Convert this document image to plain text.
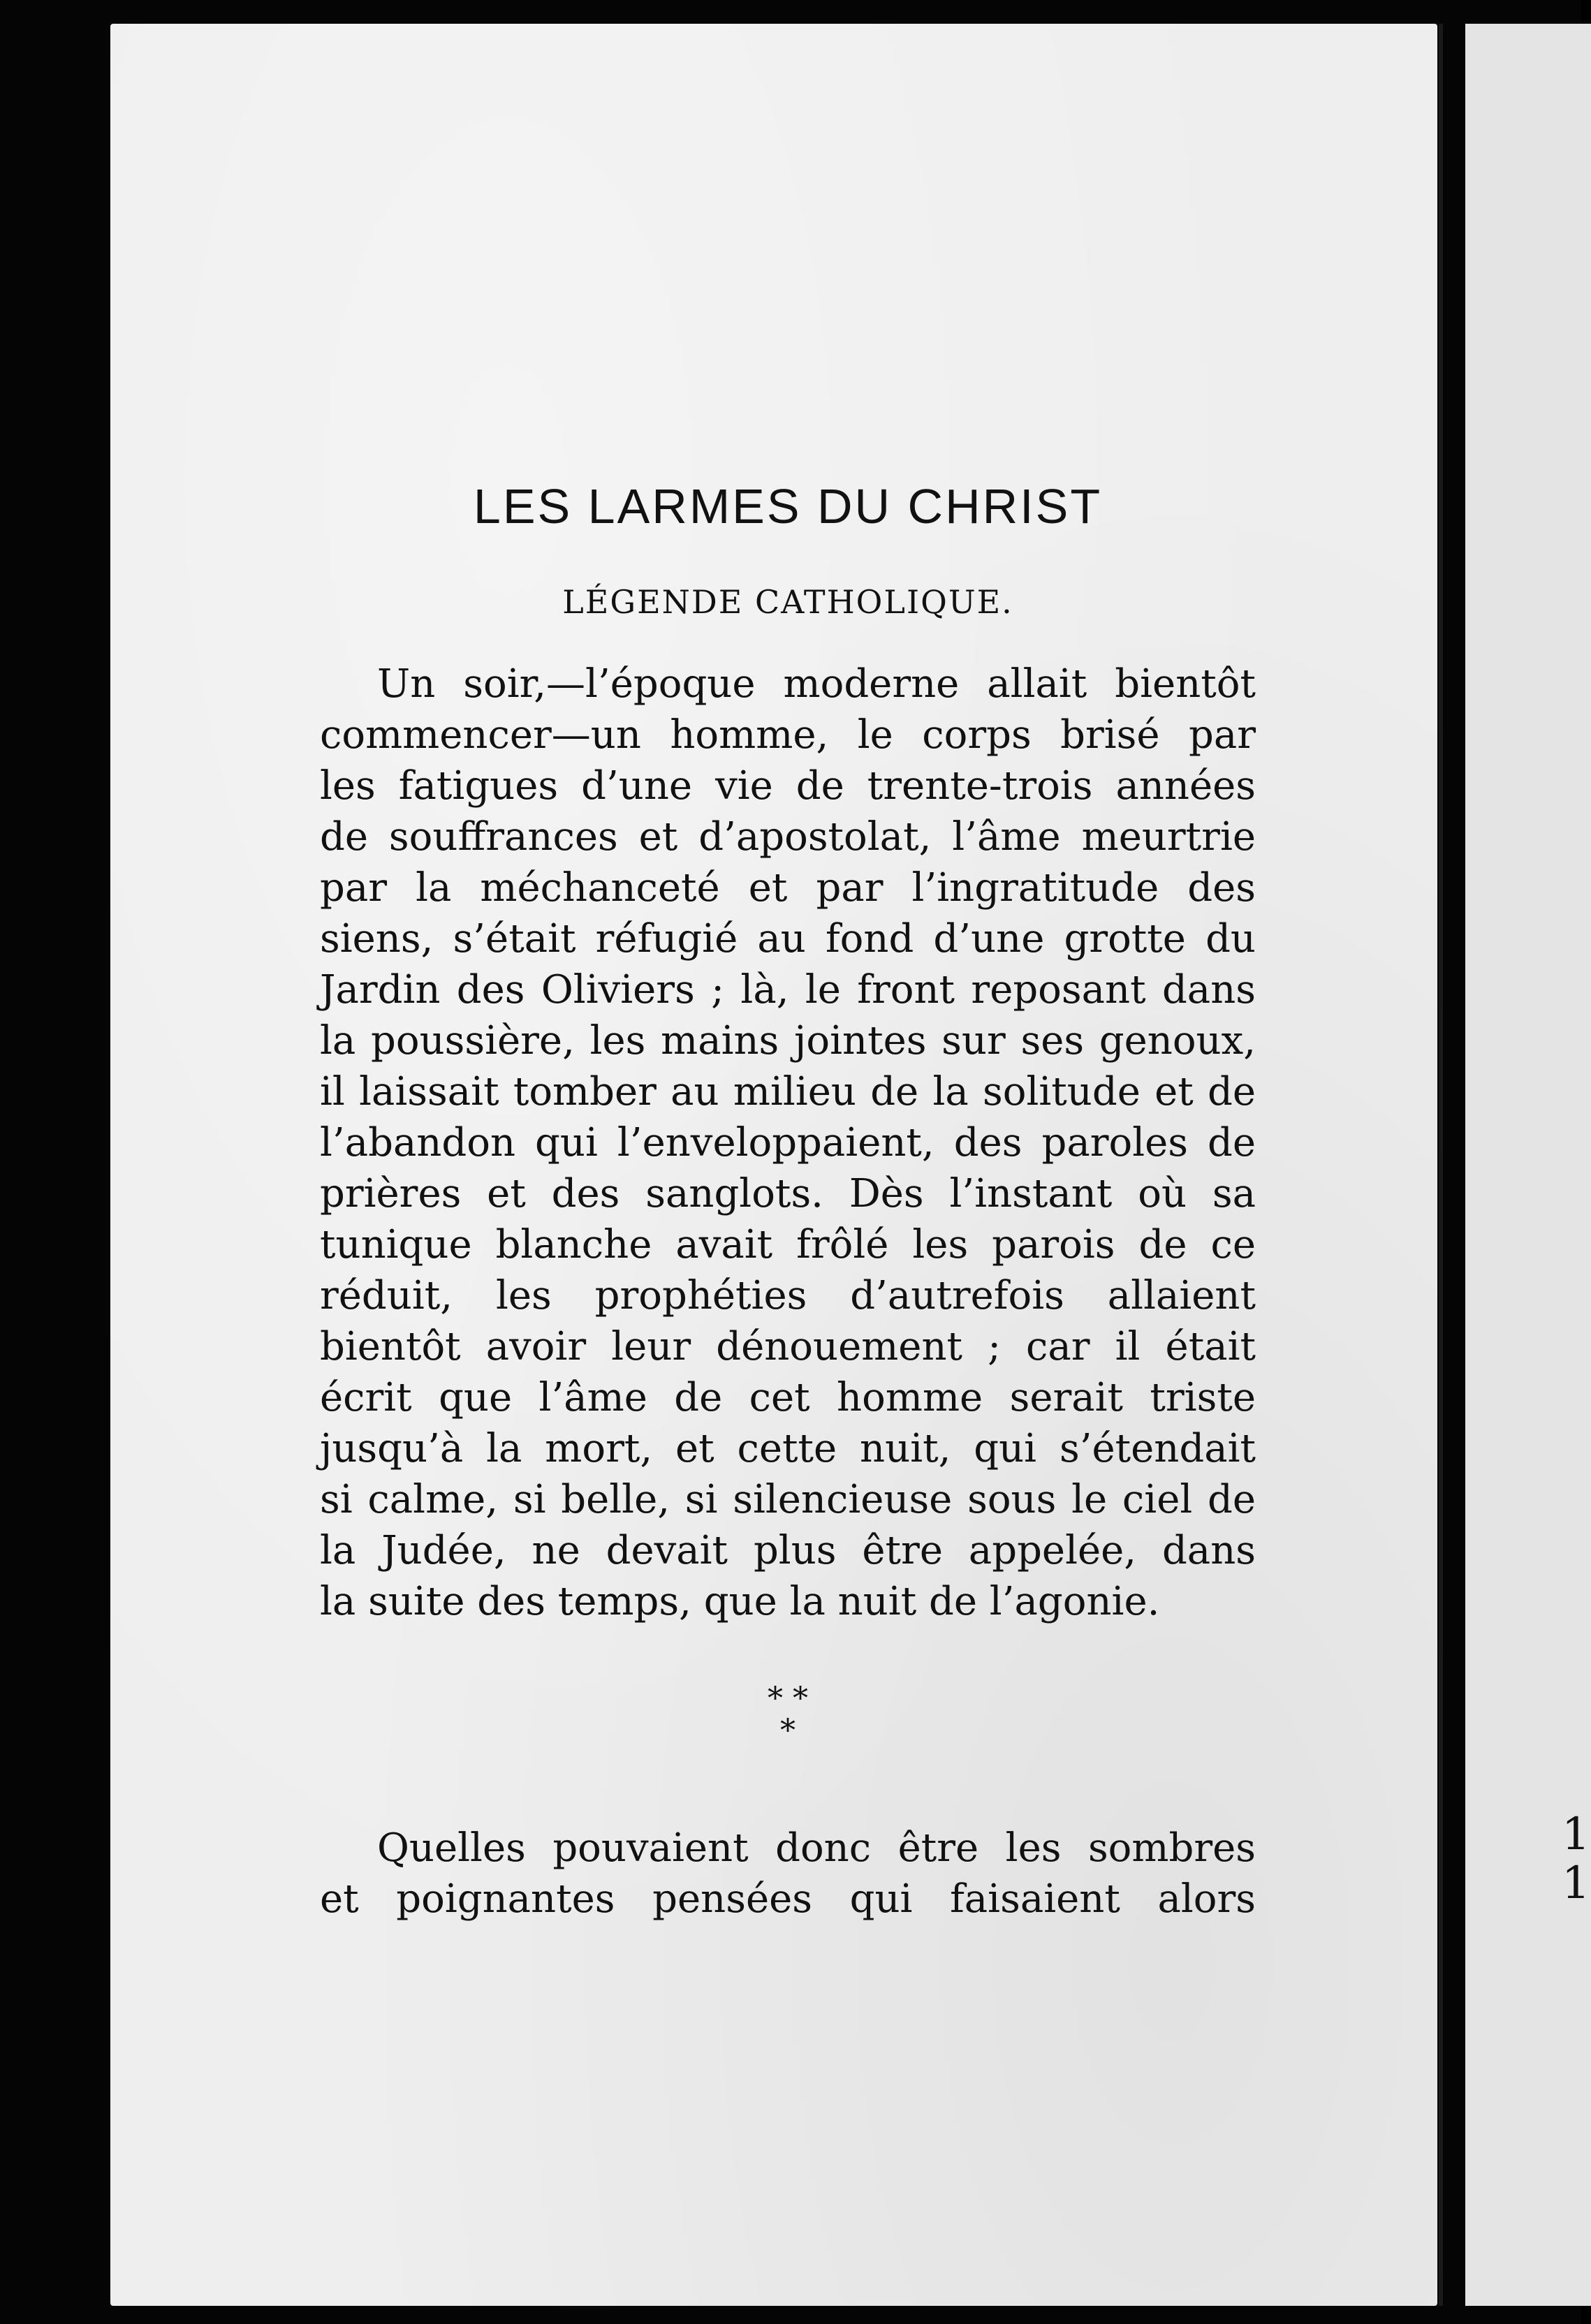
1
1
LES LARMES DU CHRIST
LÉGENDE CATHOLIQUE.
Un soir,—l’époque moderne allait bientôt
commencer—un homme, le corps brisé par
les fatigues d’une vie de trente-trois années
de souffrances et d’apostolat, l’âme meurtrie
par la méchanceté et par l’ingratitude des
siens, s’était réfugié au fond d’une grotte du
Jardin des Oliviers ; là, le front reposant dans
la poussière, les mains jointes sur ses genoux,
il laissait tomber au milieu de la solitude et de
l’abandon qui l’enveloppaient, des paroles de
prières et des sanglots. Dès l’instant où sa
tunique blanche avait frôlé les parois de ce
réduit, les prophéties d’autrefois allaient
bientôt avoir leur dénouement ; car il était
écrit que l’âme de cet homme serait triste
jusqu’à la mort, et cette nuit, qui s’étendait
si calme, si belle, si silencieuse sous le ciel de
la Judée, ne devait plus être appelée, dans
la suite des temps, que la nuit de l’agonie.
* *
*
Quelles pouvaient donc être les sombres
et poignantes pensées qui faisaient alors
